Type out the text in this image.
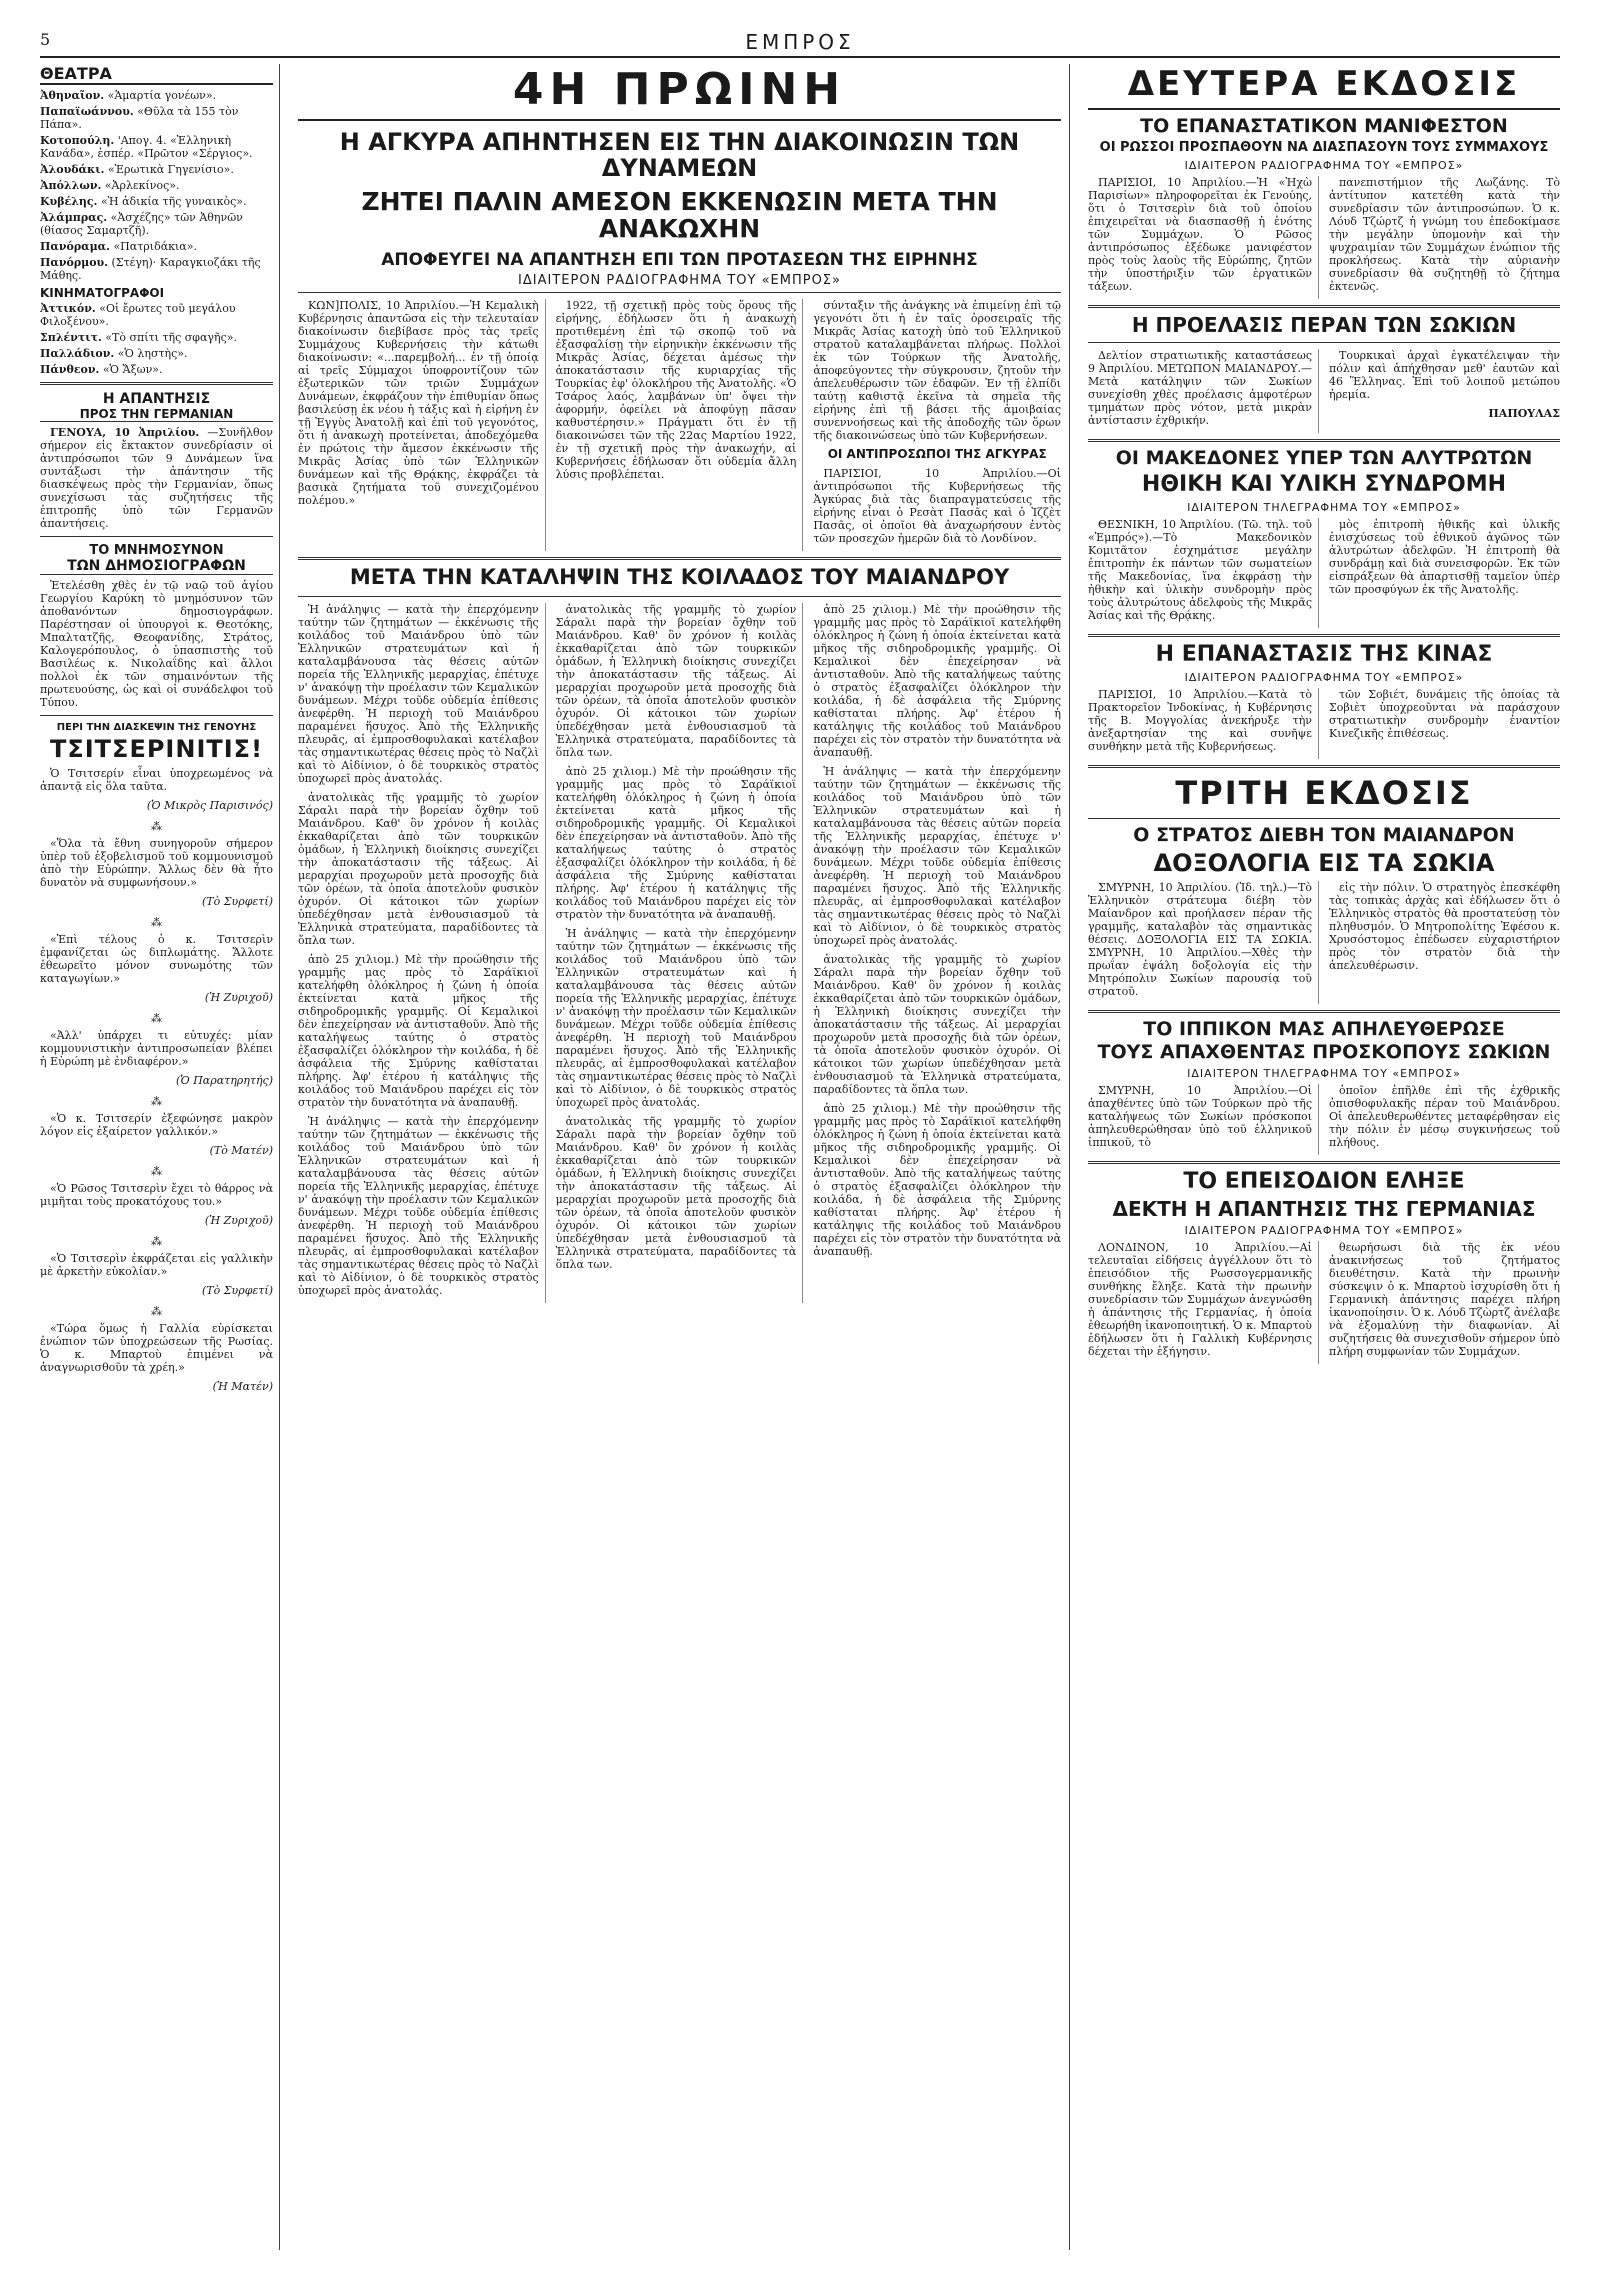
5	ΕΜΠΡΟΣ
ΘΕΑΤΡΑ
Ἀθηναῖον. «Ἁμαρτία γονέων».
Παπαϊωάννου. «Θῦλα τὰ 155 τὸν Πάπα».
Κοτοπούλη. 'Απογ. 4. «Ἑλληνικὴ Κανάδα», ἑσπέρ. «Πρῶτον «Σέργιος».
Ἀλουδάκι. «Ἐρωτικὰ Γηγενίσιο».
Ἀπόλλων. «Ἀρλεκίνος».
Κυβέλης. «Ἡ ἀδικία τῆς γυναικὸς».
Ἀλάμπρας. «Ἀσχέζης» τῶν Ἀθηνῶν (θίασος Σαμαρτζῆ).
Πανόραμα. «Πατριδάκια».
Πανόρμου. (Στέγη)· Καραγκιοζάκι τῆς Μάθης.
ΚΙΝΗΜΑΤΟΓΡΑΦΟΙ
Ἀττικόν. «Οἱ ἔρωτες τοῦ μεγάλου Φιλοξένου».
Σπλέντιτ. «Τὸ σπίτι τῆς σφαγῆς».
Παλλάδιον. «Ὁ ληστὴς».
Πάνθεον. «Ὁ Ἄξων».
Η ΑΠΑΝΤΗΣΙΣ
ΠΡΟΣ ΤΗΝ ΓΕΡΜΑΝΙΑΝ

ΓΕΝΟΥΑ, 10 Ἀπριλίου. —Συνῆλθον σήμερον εἰς ἔκτακτον συνεδρίασιν οἱ ἀντιπρόσωποι τῶν 9 Δυνάμεων ἵνα συντάξωσι τὴν ἀπάντησιν τῆς διασκέψεως πρὸς τὴν Γερμανίαν, ὅπως συνεχίσωσι τὰς συζητήσεις τῆς ἐπιτροπῆς ὑπὸ τῶν Γερμανῶν ἀπαντήσεις.

ΤΟ ΜΝΗΜΟΣΥΝΟΝ
ΤΩΝ ΔΗΜΟΣΙΟΓΡΑΦΩΝ

Ἐτελέσθη χθὲς ἐν τῷ ναῷ τοῦ ἁγίου Γεωργίου Καρύκη τὸ μνημόσυνον τῶν ἀποθανόντων δημοσιογράφων. Παρέστησαν οἱ ὑπουργοὶ κ. Θεοτόκης, Μπαλτατζῆς, Θεοφανίδης, Στράτος, Καλογερόπουλος, ὁ ὑπασπιστὴς τοῦ Βασιλέως κ. Νικολαΐδης καὶ ἄλλοι πολλοὶ ἐκ τῶν σημαινόντων τῆς πρωτευούσης, ὡς καὶ οἱ συνάδελφοι τοῦ Τύπου.

ΠΕΡΙ ΤΗΝ ΔΙΑΣΚΕΨΙΝ ΤΗΣ ΓΕΝΟΥΗΣ
ΤΣΙΤΣΕΡΙΝΙΤΙΣ!

Ὁ Τσιτσερίν εἶναι ὑποχρεωμένος νὰ ἀπαντᾷ εἰς ὅλα ταῦτα.

(Ὁ Μικρὸς Παρισινός)
⁂

«Ὅλα τὰ ἔθνη συνηγοροῦν σήμερον ὑπὲρ τοῦ ἐξοβελισμοῦ τοῦ κομμουνισμοῦ ἀπὸ τὴν Εὐρώπην. Ἄλλως δὲν θὰ ἦτο δυνατὸν νὰ συμφωνήσουν.»

(Τὸ Συρφετί)
⁂

«Ἐπὶ τέλους ὁ κ. Τσιτσερὶν ἐμφανίζεται ὡς διπλωμάτης. Ἄλλοτε ἐθεωρεῖτο μόνον συνωμότης τῶν καταγωγίων.»

(Ἡ Ζυριχοῦ)
⁂

«Ἀλλ' ὑπάρχει τι εὐτυχές: μίαν κομμουνιστικὴν ἀντιπροσωπείαν βλέπει ἡ Εὐρώπη μὲ ἐνδιαφέρον.»

(Ὁ Παρατηρητής)
⁂

«Ὁ κ. Τσιτσερίν ἐξεφώνησε μακρὸν λόγον εἰς ἐξαίρετον γαλλικόν.»

(Τὸ Ματέν)
⁂

«Ὁ Ρῶσος Τσιτσερὶν ἔχει τὸ θάρρος νὰ μιμῆται τοὺς προκατόχους του.»

(Ἡ Ζυριχοῦ)
⁂

«Ὁ Τσιτσερὶν ἐκφράζεται εἰς γαλλικὴν μὲ ἀρκετὴν εὐκολίαν.»

(Τὸ Συρφετί)
⁂

«Τώρα ὅμως ἡ Γαλλία εὑρίσκεται ἐνώπιον τῶν ὑποχρεώσεων τῆς Ρωσίας. Ὁ κ. Μπαρτοὺ ἐπιμένει νὰ ἀναγνωρισθοῦν τὰ χρέη.»

(Ἡ Ματέν)
4Η ΠΡΩΙΝΗ
Η ΑΓΚΥΡΑ ΑΠΗΝΤΗΣΕΝ ΕΙΣ ΤΗΝ ΔΙΑΚΟΙΝΩΣΙΝ ΤΩΝ ΔΥΝΑΜΕΩΝ
ΖΗΤΕΙ ΠΑΛΙΝ ΑΜΕΣΟΝ ΕΚΚΕΝΩΣΙΝ ΜΕΤΑ ΤΗΝ ΑΝΑΚΩΧΗΝ
ΑΠΟΦΕΥΓΕΙ ΝΑ ΑΠΑΝΤΗΣΗ ΕΠΙ ΤΩΝ ΠΡΟΤΑΣΕΩΝ ΤΗΣ ΕΙΡΗΝΗΣ
ΙΔΙΑΙΤΕΡΟΝ ΡΑΔΙΟΓΡΑΦΗΜΑ ΤΟΥ «ΕΜΠΡΟΣ»

ΚΩΝ]ΠΟΛΙΣ, 10 Ἀπριλίου.—Ἡ Κεμαλικὴ Κυβέρνησις ἀπαντῶσα εἰς τὴν τελευταίαν διακοίνωσιν διεβίβασε πρὸς τὰς τρεῖς Συμμάχους Κυβερνήσεις τὴν κάτωθι διακοίνωσιν: «...παρεμβολή... ἐν τῇ ὁποίᾳ αἱ τρεῖς Σύμμαχοι ὑποφροντίζουν τῶν ἐξωτερικῶν τῶν τριῶν Συμμάχων Δυνάμεων, ἐκφράζουν τὴν ἐπιθυμίαν ὅπως βασιλεύσῃ ἐκ νέου ἡ τάξις καὶ ἡ εἰρήνη ἐν τῇ Ἐγγὺς Ἀνατολῇ καὶ ἐπὶ τοῦ γεγονότος, ὅτι ἡ ἀνακωχὴ προτείνεται, ἀποδεχόμεθα ἐν πρώτοις τὴν ἄμεσον ἐκκένωσιν τῆς Μικρᾶς Ἀσίας ὑπὸ τῶν Ἑλληνικῶν δυνάμεων καὶ τῆς Θρᾴκης, ἐκφράζει τὰ βασικὰ ζητήματα τοῦ συνεχιζομένου πολέμου.»

1922, τῇ σχετικῇ πρὸς τοὺς ὅρους τῆς εἰρήνης, ἐδήλωσεν ὅτι ἡ ἀνακωχὴ προτιθεμένη ἐπὶ τῷ σκοπῷ τοῦ νὰ ἐξασφαλίσῃ τὴν εἰρηνικὴν ἐκκένωσιν τῆς Μικρᾶς Ἀσίας, δέχεται ἀμέσως τὴν ἀποκατάστασιν τῆς κυριαρχίας τῆς Τουρκίας ἐφ' ὁλοκλήρου τῆς Ἀνατολῆς. «Ὁ Τσάρος λαός, λαμβάνων ὑπ' ὄψει τὴν ἀφορμήν, ὀφείλει νὰ ἀποφύγῃ πᾶσαν καθυστέρησιν.» Πράγματι ὅτι ἐν τῇ διακοινώσει τῶν τῆς 22ας Μαρτίου 1922, ἐν τῇ σχετικῇ πρὸς τὴν ἀνακωχήν, αἱ Κυβερνήσεις ἐδήλωσαν ὅτι οὐδεμία ἄλλη λύσις προβλέπεται.

σύνταξιν τῆς ἀνάγκης νὰ ἐπιμείνῃ ἐπὶ τῷ γεγονότι ὅτι ἡ ἐν ταῖς ὁροσειραῖς τῆς Μικρᾶς Ἀσίας κατοχὴ ὑπὸ τοῦ Ἑλληνικοῦ στρατοῦ καταλαμβάνεται πλήρως. Πολλοὶ ἐκ τῶν Τούρκων τῆς Ἀνατολῆς, ἀποφεύγοντες τὴν σύγκρουσιν, ζητοῦν τὴν ἀπελευθέρωσιν τῶν ἐδαφῶν. Ἐν τῇ ἐλπίδι ταύτῃ καθιστᾷ ἐκεῖνα τὰ σημεῖα τῆς εἰρήνης ἐπὶ τῇ βάσει τῆς ἀμοιβαίας συνεννοήσεως καὶ τῆς ἀποδοχῆς τῶν ὅρων τῆς διακοινώσεως ὑπὸ τῶν Κυβερνήσεων.

ΟΙ ΑΝΤΙΠΡΟΣΩΠΟΙ ΤΗΣ ΑΓΚΥΡΑΣ

ΠΑΡΙΣΙΟΙ, 10 Ἀπριλίου.—Οἱ ἀντιπρόσωποι τῆς Κυβερνήσεως τῆς Ἀγκύρας διὰ τὰς διαπραγματεύσεις τῆς εἰρήνης εἶναι ὁ Ρεσὰτ Πασᾶς καὶ ὁ Ἰζζὲτ Πασᾶς, οἱ ὁποῖοι θὰ ἀναχωρήσουν ἐντὸς τῶν προσεχῶν ἡμερῶν διὰ τὸ Λονδίνον.

ΜΕΤΑ ΤΗΝ ΚΑΤΑΛΗΨΙΝ ΤΗΣ ΚΟΙΛΑΔΟΣ ΤΟΥ ΜΑΙΑΝΔΡΟΥ

Ἡ ἀνάληψις — κατὰ τὴν ἐπερχόμενην ταύτην τῶν ζητημάτων — ἐκκένωσις τῆς κοιλάδος τοῦ Μαιάνδρου ὑπὸ τῶν Ἑλληνικῶν στρατευμάτων καὶ ἡ καταλαμβάνουσα τὰς θέσεις αὐτῶν πορεία τῆς Ἑλληνικῆς μεραρχίας, ἐπέτυχε ν' ἀνακόψῃ τὴν προέλασιν τῶν Κεμαλικῶν δυνάμεων. Μέχρι τοῦδε οὐδεμία ἐπίθεσις ἀνεφέρθη. Ἡ περιοχὴ τοῦ Μαιάνδρου παραμένει ἥσυχος. Ἀπὸ τῆς Ἑλληνικῆς πλευρᾶς, αἱ ἐμπροσθοφυλακαὶ κατέλαβον τὰς σημαντικωτέρας θέσεις πρὸς τὸ Ναζλὶ καὶ τὸ Αἰδίνιον, ὁ δὲ τουρκικὸς στρατὸς ὑποχωρεῖ πρὸς ἀνατολάς.

ἀνατολικὰς τῆς γραμμῆς τὸ χωρίον Σάραλι παρὰ τὴν βορείαν ὄχθην τοῦ Μαιάνδρου. Καθ' ὃν χρόνον ἡ κοιλὰς ἐκκαθαρίζεται ἀπὸ τῶν τουρκικῶν ὁμάδων, ἡ Ἑλληνικὴ διοίκησις συνεχίζει τὴν ἀποκατάστασιν τῆς τάξεως. Αἱ μεραρχίαι προχωροῦν μετὰ προσοχῆς διὰ τῶν ὀρέων, τὰ ὁποῖα ἀποτελοῦν φυσικὸν ὀχυρόν. Οἱ κάτοικοι τῶν χωρίων ὑπεδέχθησαν μετὰ ἐνθουσιασμοῦ τὰ Ἑλληνικὰ στρατεύματα, παραδίδοντες τὰ ὅπλα των.

ἀπὸ 25 χιλιομ.) Μὲ τὴν προώθησιν τῆς γραμμῆς μας πρὸς τὸ Σαράϊκιοϊ κατελήφθη ὁλόκληρος ἡ ζώνη ἡ ὁποία ἐκτείνεται κατὰ μῆκος τῆς σιδηροδρομικῆς γραμμῆς. Οἱ Κεμαλικοὶ δὲν ἐπεχείρησαν νὰ ἀντισταθοῦν. Ἀπὸ τῆς καταλήψεως ταύτης ὁ στρατὸς ἐξασφαλίζει ὁλόκληρον τὴν κοιλάδα, ἡ δὲ ἀσφάλεια τῆς Σμύρνης καθίσταται πλήρης. Ἀφ' ἑτέρου ἡ κατάληψις τῆς κοιλάδος τοῦ Μαιάνδρου παρέχει εἰς τὸν στρατὸν τὴν δυνατότητα νὰ ἀναπαυθῇ.

Ἡ ἀνάληψις — κατὰ τὴν ἐπερχόμενην ταύτην τῶν ζητημάτων — ἐκκένωσις τῆς κοιλάδος τοῦ Μαιάνδρου ὑπὸ τῶν Ἑλληνικῶν στρατευμάτων καὶ ἡ καταλαμβάνουσα τὰς θέσεις αὐτῶν πορεία τῆς Ἑλληνικῆς μεραρχίας, ἐπέτυχε ν' ἀνακόψῃ τὴν προέλασιν τῶν Κεμαλικῶν δυνάμεων. Μέχρι τοῦδε οὐδεμία ἐπίθεσις ἀνεφέρθη. Ἡ περιοχὴ τοῦ Μαιάνδρου παραμένει ἥσυχος. Ἀπὸ τῆς Ἑλληνικῆς πλευρᾶς, αἱ ἐμπροσθοφυλακαὶ κατέλαβον τὰς σημαντικωτέρας θέσεις πρὸς τὸ Ναζλὶ καὶ τὸ Αἰδίνιον, ὁ δὲ τουρκικὸς στρατὸς ὑποχωρεῖ πρὸς ἀνατολάς.

ἀνατολικὰς τῆς γραμμῆς τὸ χωρίον Σάραλι παρὰ τὴν βορείαν ὄχθην τοῦ Μαιάνδρου. Καθ' ὃν χρόνον ἡ κοιλὰς ἐκκαθαρίζεται ἀπὸ τῶν τουρκικῶν ὁμάδων, ἡ Ἑλληνικὴ διοίκησις συνεχίζει τὴν ἀποκατάστασιν τῆς τάξεως. Αἱ μεραρχίαι προχωροῦν μετὰ προσοχῆς διὰ τῶν ὀρέων, τὰ ὁποῖα ἀποτελοῦν φυσικὸν ὀχυρόν. Οἱ κάτοικοι τῶν χωρίων ὑπεδέχθησαν μετὰ ἐνθουσιασμοῦ τὰ Ἑλληνικὰ στρατεύματα, παραδίδοντες τὰ ὅπλα των.

ἀπὸ 25 χιλιομ.) Μὲ τὴν προώθησιν τῆς γραμμῆς μας πρὸς τὸ Σαράϊκιοϊ κατελήφθη ὁλόκληρος ἡ ζώνη ἡ ὁποία ἐκτείνεται κατὰ μῆκος τῆς σιδηροδρομικῆς γραμμῆς. Οἱ Κεμαλικοὶ δὲν ἐπεχείρησαν νὰ ἀντισταθοῦν. Ἀπὸ τῆς καταλήψεως ταύτης ὁ στρατὸς ἐξασφαλίζει ὁλόκληρον τὴν κοιλάδα, ἡ δὲ ἀσφάλεια τῆς Σμύρνης καθίσταται πλήρης. Ἀφ' ἑτέρου ἡ κατάληψις τῆς κοιλάδος τοῦ Μαιάνδρου παρέχει εἰς τὸν στρατὸν τὴν δυνατότητα νὰ ἀναπαυθῇ.

Ἡ ἀνάληψις — κατὰ τὴν ἐπερχόμενην ταύτην τῶν ζητημάτων — ἐκκένωσις τῆς κοιλάδος τοῦ Μαιάνδρου ὑπὸ τῶν Ἑλληνικῶν στρατευμάτων καὶ ἡ καταλαμβάνουσα τὰς θέσεις αὐτῶν πορεία τῆς Ἑλληνικῆς μεραρχίας, ἐπέτυχε ν' ἀνακόψῃ τὴν προέλασιν τῶν Κεμαλικῶν δυνάμεων. Μέχρι τοῦδε οὐδεμία ἐπίθεσις ἀνεφέρθη. Ἡ περιοχὴ τοῦ Μαιάνδρου παραμένει ἥσυχος. Ἀπὸ τῆς Ἑλληνικῆς πλευρᾶς, αἱ ἐμπροσθοφυλακαὶ κατέλαβον τὰς σημαντικωτέρας θέσεις πρὸς τὸ Ναζλὶ καὶ τὸ Αἰδίνιον, ὁ δὲ τουρκικὸς στρατὸς ὑποχωρεῖ πρὸς ἀνατολάς.

ἀνατολικὰς τῆς γραμμῆς τὸ χωρίον Σάραλι παρὰ τὴν βορείαν ὄχθην τοῦ Μαιάνδρου. Καθ' ὃν χρόνον ἡ κοιλὰς ἐκκαθαρίζεται ἀπὸ τῶν τουρκικῶν ὁμάδων, ἡ Ἑλληνικὴ διοίκησις συνεχίζει τὴν ἀποκατάστασιν τῆς τάξεως. Αἱ μεραρχίαι προχωροῦν μετὰ προσοχῆς διὰ τῶν ὀρέων, τὰ ὁποῖα ἀποτελοῦν φυσικὸν ὀχυρόν. Οἱ κάτοικοι τῶν χωρίων ὑπεδέχθησαν μετὰ ἐνθουσιασμοῦ τὰ Ἑλληνικὰ στρατεύματα, παραδίδοντες τὰ ὅπλα των.

ἀπὸ 25 χιλιομ.) Μὲ τὴν προώθησιν τῆς γραμμῆς μας πρὸς τὸ Σαράϊκιοϊ κατελήφθη ὁλόκληρος ἡ ζώνη ἡ ὁποία ἐκτείνεται κατὰ μῆκος τῆς σιδηροδρομικῆς γραμμῆς. Οἱ Κεμαλικοὶ δὲν ἐπεχείρησαν νὰ ἀντισταθοῦν. Ἀπὸ τῆς καταλήψεως ταύτης ὁ στρατὸς ἐξασφαλίζει ὁλόκληρον τὴν κοιλάδα, ἡ δὲ ἀσφάλεια τῆς Σμύρνης καθίσταται πλήρης. Ἀφ' ἑτέρου ἡ κατάληψις τῆς κοιλάδος τοῦ Μαιάνδρου παρέχει εἰς τὸν στρατὸν τὴν δυνατότητα νὰ ἀναπαυθῇ.

Ἡ ἀνάληψις — κατὰ τὴν ἐπερχόμενην ταύτην τῶν ζητημάτων — ἐκκένωσις τῆς κοιλάδος τοῦ Μαιάνδρου ὑπὸ τῶν Ἑλληνικῶν στρατευμάτων καὶ ἡ καταλαμβάνουσα τὰς θέσεις αὐτῶν πορεία τῆς Ἑλληνικῆς μεραρχίας, ἐπέτυχε ν' ἀνακόψῃ τὴν προέλασιν τῶν Κεμαλικῶν δυνάμεων. Μέχρι τοῦδε οὐδεμία ἐπίθεσις ἀνεφέρθη. Ἡ περιοχὴ τοῦ Μαιάνδρου παραμένει ἥσυχος. Ἀπὸ τῆς Ἑλληνικῆς πλευρᾶς, αἱ ἐμπροσθοφυλακαὶ κατέλαβον τὰς σημαντικωτέρας θέσεις πρὸς τὸ Ναζλὶ καὶ τὸ Αἰδίνιον, ὁ δὲ τουρκικὸς στρατὸς ὑποχωρεῖ πρὸς ἀνατολάς.

ἀνατολικὰς τῆς γραμμῆς τὸ χωρίον Σάραλι παρὰ τὴν βορείαν ὄχθην τοῦ Μαιάνδρου. Καθ' ὃν χρόνον ἡ κοιλὰς ἐκκαθαρίζεται ἀπὸ τῶν τουρκικῶν ὁμάδων, ἡ Ἑλληνικὴ διοίκησις συνεχίζει τὴν ἀποκατάστασιν τῆς τάξεως. Αἱ μεραρχίαι προχωροῦν μετὰ προσοχῆς διὰ τῶν ὀρέων, τὰ ὁποῖα ἀποτελοῦν φυσικὸν ὀχυρόν. Οἱ κάτοικοι τῶν χωρίων ὑπεδέχθησαν μετὰ ἐνθουσιασμοῦ τὰ Ἑλληνικὰ στρατεύματα, παραδίδοντες τὰ ὅπλα των.

ἀπὸ 25 χιλιομ.) Μὲ τὴν προώθησιν τῆς γραμμῆς μας πρὸς τὸ Σαράϊκιοϊ κατελήφθη ὁλόκληρος ἡ ζώνη ἡ ὁποία ἐκτείνεται κατὰ μῆκος τῆς σιδηροδρομικῆς γραμμῆς. Οἱ Κεμαλικοὶ δὲν ἐπεχείρησαν νὰ ἀντισταθοῦν. Ἀπὸ τῆς καταλήψεως ταύτης ὁ στρατὸς ἐξασφαλίζει ὁλόκληρον τὴν κοιλάδα, ἡ δὲ ἀσφάλεια τῆς Σμύρνης καθίσταται πλήρης. Ἀφ' ἑτέρου ἡ κατάληψις τῆς κοιλάδος τοῦ Μαιάνδρου παρέχει εἰς τὸν στρατὸν τὴν δυνατότητα νὰ ἀναπαυθῇ.

ΔΕΥΤΕΡΑ ΕΚΔΟΣΙΣ
ΤΟ ΕΠΑΝΑΣΤΑΤΙΚΟΝ ΜΑΝΙΦΕΣΤΟΝ
ΟΙ ΡΩΣΣΟΙ ΠΡΟΣΠΑΘΟΥΝ ΝΑ ΔΙΑΣΠΑΣΟΥΝ ΤΟΥΣ ΣΥΜΜΑΧΟΥΣ
ΙΔΙΑΙΤΕΡΟΝ ΡΑΔΙΟΓΡΑΦΗΜΑ ΤΟΥ «ΕΜΠΡΟΣ»

ΠΑΡΙΣΙΟΙ, 10 Ἀπριλίου.—Ἡ «Ἠχὼ Παρισίων» πληροφορεῖται ἐκ Γενούης, ὅτι ὁ Τσιτσερὶν διὰ τοῦ ὁποίου ἐπιχειρεῖται νὰ διασπασθῇ ἡ ἑνότης τῶν Συμμάχων. Ὁ Ρῶσος ἀντιπρόσωπος ἐξέδωκε μανιφέστον πρὸς τοὺς λαοὺς τῆς Εὐρώπης, ζητῶν τὴν ὑποστήριξιν τῶν ἐργατικῶν τάξεων.

πανεπιστήμιον τῆς Λωζάνης. Τὸ ἀντίτυπον κατετέθη κατὰ τὴν συνεδρίασιν τῶν ἀντιπροσώπων. Ὁ κ. Λόυδ Τζώρτζ ἡ γνώμη του ἐπεδοκίμασε τὴν μεγάλην ὑπομονὴν καὶ τὴν ψυχραιμίαν τῶν Συμμάχων ἐνώπιον τῆς προκλήσεως. Κατὰ τὴν αὐριανὴν συνεδρίασιν θὰ συζητηθῇ τὸ ζήτημα ἐκτενῶς.

Η ΠΡΟΕΛΑΣΙΣ ΠΕΡΑΝ ΤΩΝ ΣΩΚΙΩΝ

Δελτίον στρατιωτικῆς καταστάσεως 9 Ἀπριλίου. ΜΕΤΩΠΟΝ ΜΑΙΑΝΔΡΟΥ.—Μετὰ κατάληψιν τῶν Σωκίων συνεχίσθη χθὲς προέλασις ἀμφοτέρων τμημάτων πρὸς νότον, μετὰ μικρὰν ἀντίστασιν ἐχθρικήν.

Τουρκικαὶ ἀρχαὶ ἐγκατέλειψαν τὴν πόλιν καὶ ἀπήχθησαν μεθ' ἑαυτῶν καὶ 46 Ἕλληνας. Ἐπὶ τοῦ λοιποῦ μετώπου ἠρεμία.

ΠΑΠΟΥΛΑΣ
ΟΙ ΜΑΚΕΔΟΝΕΣ ΥΠΕΡ ΤΩΝ ΑΛΥΤΡΩΤΩΝ
ΗΘΙΚΗ ΚΑΙ ΥΛΙΚΗ ΣΥΝΔΡΟΜΗ
ΙΔΙΑΙΤΕΡΟΝ ΤΗΛΕΓΡΑΦΗΜΑ ΤΟΥ «ΕΜΠΡΟΣ»

ΘΕΣΝΙΚΗ, 10 Ἀπριλίου. (Τῶ. τηλ. τοῦ «Ἐμπρός»).—Τὸ Μακεδονικὸν Κομιτᾶτον ἐσχημάτισε μεγάλην ἐπιτροπὴν ἐκ πάντων τῶν σωματείων τῆς Μακεδονίας, ἵνα ἐκφράσῃ τὴν ἠθικὴν καὶ ὑλικὴν συνδρομὴν πρὸς τοὺς ἀλυτρώτους ἀδελφοὺς τῆς Μικρᾶς Ἀσίας καὶ τῆς Θρᾴκης.

μὸς ἐπιτροπὴ ἠθικῆς καὶ ὑλικῆς ἐνισχύσεως τοῦ ἐθνικοῦ ἀγῶνος τῶν ἀλυτρώτων ἀδελφῶν. Ἡ ἐπιτροπὴ θὰ συνδράμῃ καὶ διὰ συνεισφορῶν. Ἐκ τῶν εἰσπράξεων θὰ ἀπαρτισθῇ ταμεῖον ὑπὲρ τῶν προσφύγων ἐκ τῆς Ἀνατολῆς.

Η ΕΠΑΝΑΣΤΑΣΙΣ ΤΗΣ ΚΙΝΑΣ
ΙΔΙΑΙΤΕΡΟΝ ΡΑΔΙΟΓΡΑΦΗΜΑ ΤΟΥ «ΕΜΠΡΟΣ»

ΠΑΡΙΣΙΟΙ, 10 Ἀπριλίου.—Κατὰ τὸ Πρακτορεῖον Ἰνδοκίνας, ἡ Κυβέρνησις τῆς Β. Μογγολίας ἀνεκήρυξε τὴν ἀνεξαρτησίαν της καὶ συνῆψε συνθήκην μετὰ τῆς Κυβερνήσεως.

τῶν Σοβιέτ, δυνάμεις τῆς ὁποίας τὰ Σοβιὲτ ὑποχρεοῦνται νὰ παράσχουν στρατιωτικὴν συνδρομὴν ἐναντίον Κινεζικῆς ἐπιθέσεως.

ΤΡΙΤΗ ΕΚΔΟΣΙΣ
Ο ΣΤΡΑΤΟΣ ΔΙΕΒΗ ΤΟΝ ΜΑΙΑΝΔΡΟΝ
ΔΟΞΟΛΟΓΙΑ ΕΙΣ ΤΑ ΣΩΚΙΑ

ΣΜΥΡΝΗ, 10 Ἀπριλίου. (Ἰδ. τηλ.)—Τὸ Ἑλληνικὸν στράτευμα διέβη τὸν Μαίανδρον καὶ προήλασεν πέραν τῆς γραμμῆς, καταλαβὸν τὰς σημαντικὰς θέσεις. ΔΟΞΟΛΟΓΙΑ ΕΙΣ ΤΑ ΣΩΚΙΑ. ΣΜΥΡΝΗ, 10 Ἀπριλίου.—Χθὲς τὴν πρωΐαν ἐψάλη δοξολογία εἰς τὴν Μητρόπολιν Σωκίων παρουσίᾳ τοῦ στρατοῦ.

εἰς τὴν πόλιν. Ὁ στρατηγὸς ἐπεσκέφθη τὰς τοπικὰς ἀρχὰς καὶ ἐδήλωσεν ὅτι ὁ Ἑλληνικὸς στρατὸς θὰ προστατεύσῃ τὸν πληθυσμόν. Ὁ Μητροπολίτης Ἐφέσου κ. Χρυσόστομος ἐπέδωσεν εὐχαριστήριον πρὸς τὸν στρατὸν διὰ τὴν ἀπελευθέρωσιν.

ΤΟ ΙΠΠΙΚΟΝ ΜΑΣ ΑΠΗΛΕΥΘΕΡΩΣΕ
ΤΟΥΣ ΑΠΑΧΘΕΝΤΑΣ ΠΡΟΣΚΟΠΟΥΣ ΣΩΚΙΩΝ
ΙΔΙΑΙΤΕΡΟΝ ΤΗΛΕΓΡΑΦΗΜΑ ΤΟΥ «ΕΜΠΡΟΣ»

ΣΜΥΡΝΗ, 10 Ἀπριλίου.—Οἱ ἀπαχθέντες ὑπὸ τῶν Τούρκων πρὸ τῆς καταλήψεως τῶν Σωκίων πρόσκοποι ἀπηλευθερώθησαν ὑπὸ τοῦ ἑλληνικοῦ ἱππικοῦ, τὸ

ὁποῖον ἐπῆλθε ἐπὶ τῆς ἐχθρικῆς ὀπισθοφυλακῆς πέραν τοῦ Μαιάνδρου. Οἱ ἀπελευθερωθέντες μεταφέρθησαν εἰς τὴν πόλιν ἐν μέσῳ συγκινήσεως τοῦ πλήθους.

ΤΟ ΕΠΕΙΣΟΔΙΟΝ ΕΛΗΞΕ
ΔΕΚΤΗ Η ΑΠΑΝΤΗΣΙΣ ΤΗΣ ΓΕΡΜΑΝΙΑΣ
ΙΔΙΑΙΤΕΡΟΝ ΡΑΔΙΟΓΡΑΦΗΜΑ ΤΟΥ «ΕΜΠΡΟΣ»

ΛΟΝΔΙΝΟΝ, 10 Ἀπριλίου.—Αἱ τελευταῖαι εἰδήσεις ἀγγέλλουν ὅτι τὸ ἐπεισόδιον τῆς Ρωσσογερμανικῆς συνθήκης ἔληξε. Κατὰ τὴν πρωινὴν συνεδρίασιν τῶν Συμμάχων ἀνεγνώσθη ἡ ἀπάντησις τῆς Γερμανίας, ἡ ὁποία ἐθεωρήθη ἱκανοποιητική. Ὁ κ. Μπαρτοὺ ἐδήλωσεν ὅτι ἡ Γαλλικὴ Κυβέρνησις δέχεται τὴν ἐξήγησιν.

θεωρήσωσι διὰ τῆς ἐκ νέου ἀνακινήσεως τοῦ ζητήματος διευθέτησιν. Κατὰ τὴν πρωινὴν σύσκεψιν ὁ κ. Μπαρτοὺ ἰσχυρίσθη ὅτι ἡ Γερμανικὴ ἀπάντησις παρέχει πλήρη ἱκανοποίησιν. Ὁ κ. Λόυδ Τζὼρτζ ἀνέλαβε νὰ ἐξομαλύνῃ τὴν διαφωνίαν. Αἱ συζητήσεις θὰ συνεχισθοῦν σήμερον ὑπὸ πλήρη συμφωνίαν τῶν Συμμάχων.
